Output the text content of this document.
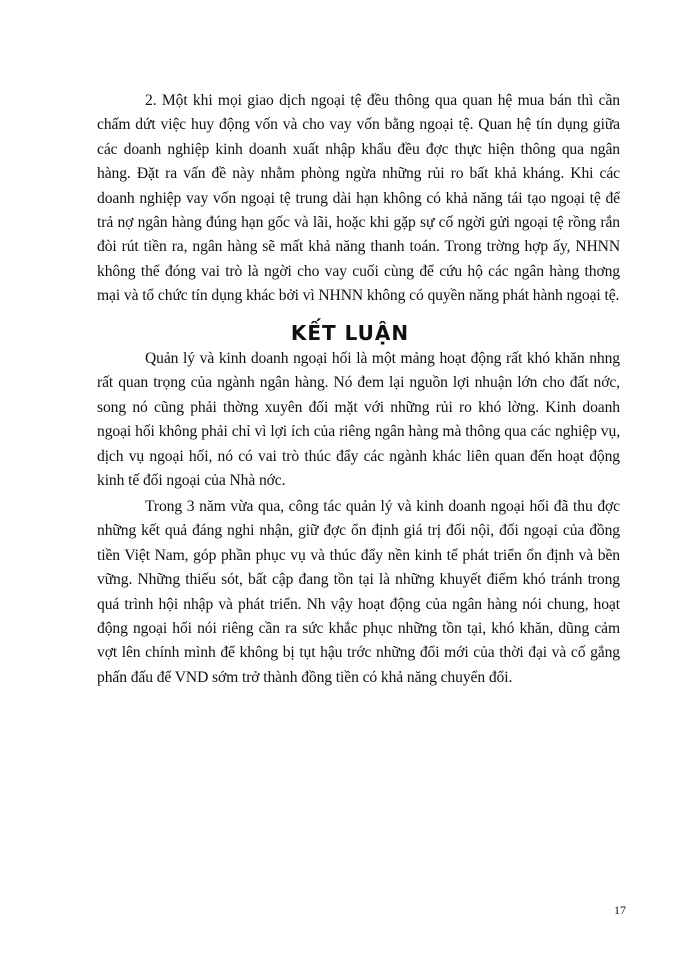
2. Một khi mọi giao dịch ngoại tệ đều thông qua quan hệ mua bán thì cần chấm dứt việc huy động vốn và cho vay vốn bằng ngoại tệ. Quan hệ tín dụng giữa các doanh nghiệp kinh doanh xuất nhập khẩu đều đợc thực hiện thông qua ngân hàng. Đặt ra vấn đề này nhằm phòng ngừa những rủi ro bất khả kháng. Khi các doanh nghiệp vay vốn ngoại tệ trung dài hạn không có khả năng tái tạo ngoại tệ để trả nợ ngân hàng đúng hạn gốc và lãi, hoặc khi gặp sự cố ngời gửi ngoại tệ rồng rắn đòi rút tiền ra, ngân hàng sẽ mất khả năng thanh toán. Trong trờng hợp ấy, NHNN không thể đóng vai trò là ngời cho vay cuối cùng để cứu hộ các ngân hàng thơng mại và tổ chức tín dụng khác bởi vì NHNN không có quyền năng phát hành ngoại tệ.

KẾT LUẬN

Quản lý và kinh doanh ngoại hối là một mảng hoạt động rất khó khăn nhng rất quan trọng của ngành ngân hàng. Nó đem lại nguồn lợi nhuận lớn cho đất nớc, song nó cũng phải thờng xuyên đối mặt với những rủi ro khó lờng. Kinh doanh ngoại hối không phải chỉ vì lợi ích của riêng ngân hàng mà thông qua các nghiệp vụ, dịch vụ ngoại hối, nó có vai trò thúc đẩy các ngành khác liên quan đến hoạt động kinh tế đối ngoại của Nhà nớc.

Trong 3 năm vừa qua, công tác quản lý và kinh doanh ngoại hối đã thu đợc những kết quả đáng nghi nhận, giữ đợc ổn định giá trị đối nội, đối ngoại của đồng tiền Việt Nam, góp phần phục vụ và thúc đẩy nền kinh tế phát triển ổn định và bền vững. Những thiếu sót, bất cập đang tồn tại là những khuyết điểm khó tránh trong quá trình hội nhập và phát triển. Nh vậy hoạt động của ngân hàng nói chung, hoạt động ngoại hối nói riêng cần ra sức khắc phục những tồn tại, khó khăn, dũng cảm vợt lên chính mình để không bị tụt hậu trớc những đổi mới của thời đại và cố gắng phấn đấu để VND sớm trở thành đồng tiền có khả năng chuyển đổi.

17
